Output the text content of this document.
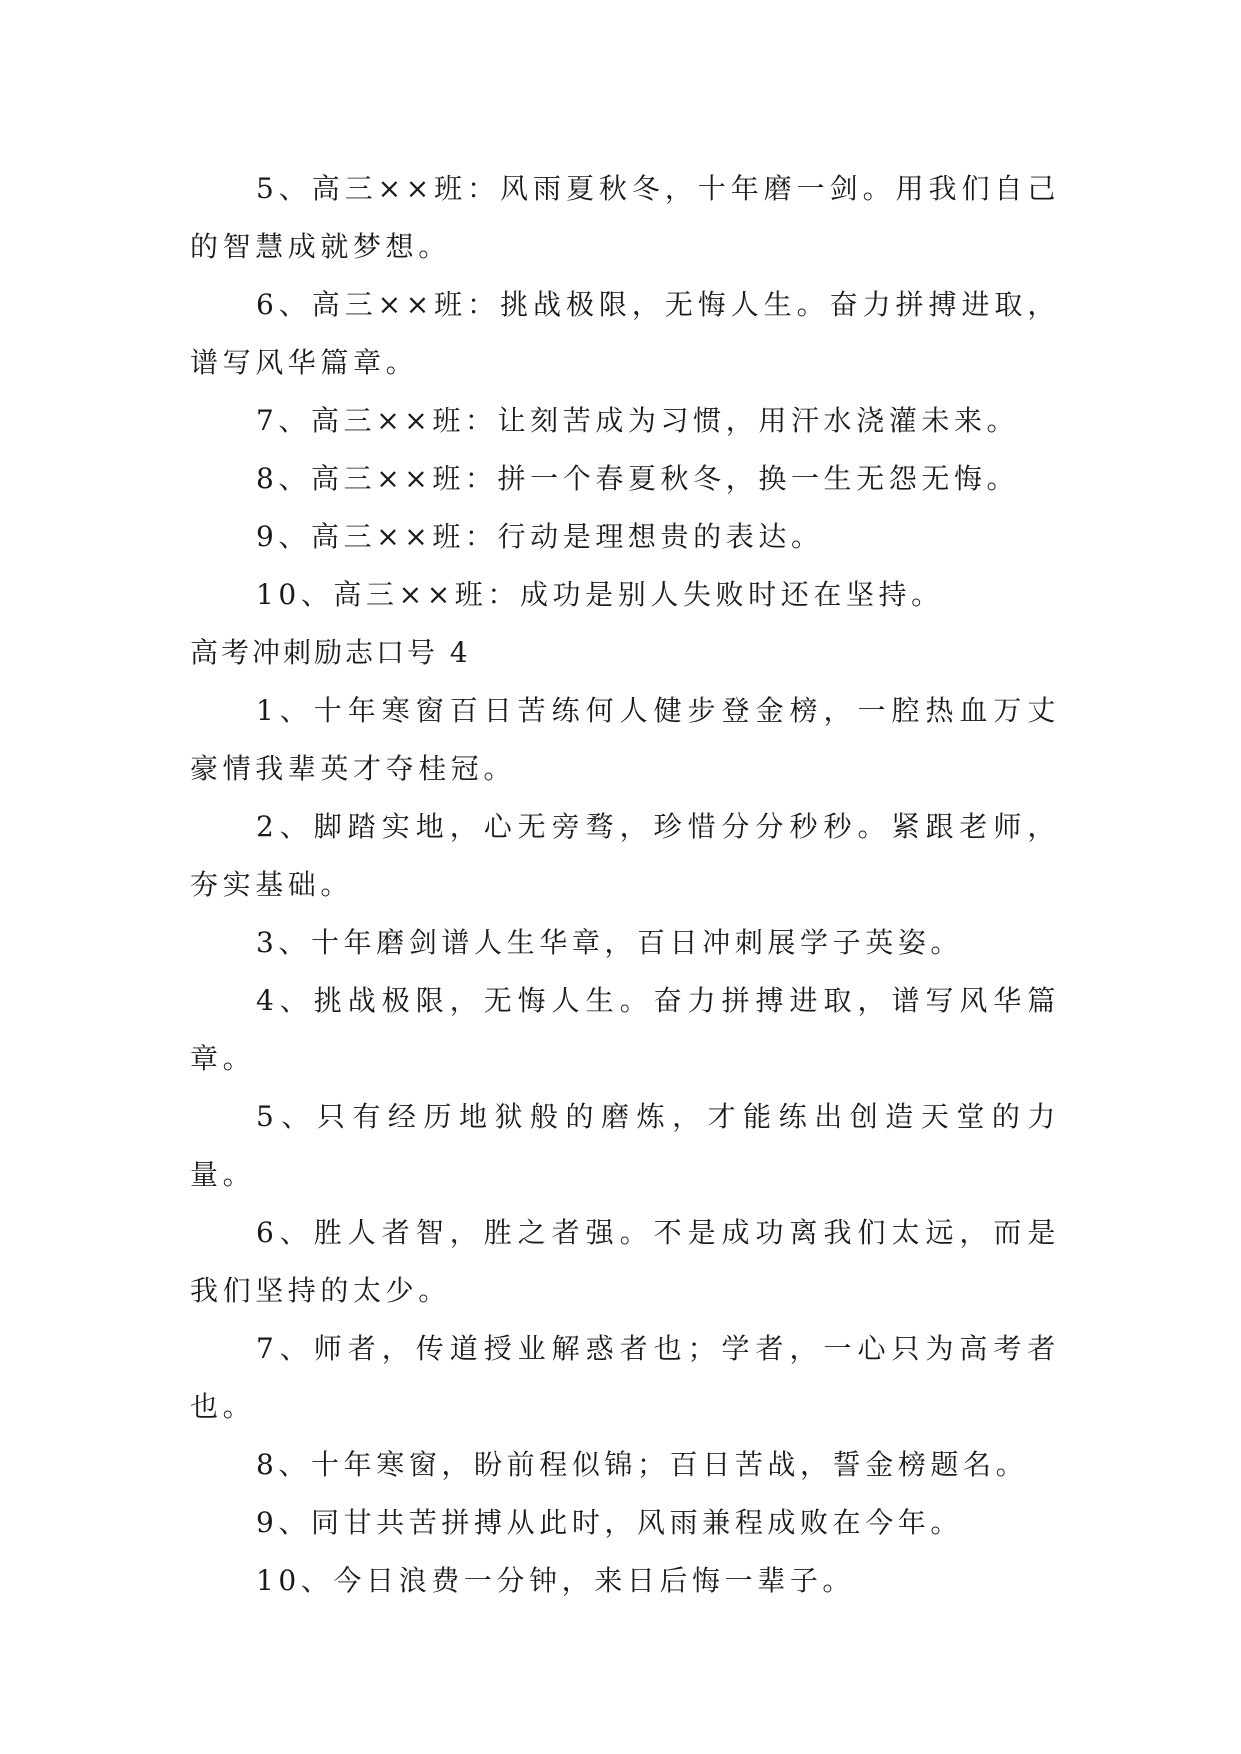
5、高三××班：风雨夏秋冬，十年磨一剑。用我们自己的智慧成就梦想。

6、高三××班：挑战极限，无悔人生。奋力拼搏进取，谱写风华篇章。

7、高三××班：让刻苦成为习惯，用汗水浇灌未来。

8、高三××班：拼一个春夏秋冬，换一生无怨无悔。

9、高三××班：行动是理想贵的表达。

10、高三××班：成功是别人失败时还在坚持。

高考冲刺励志口号 4

1、十年寒窗百日苦练何人健步登金榜，一腔热血万丈豪情我辈英才夺桂冠。

2、脚踏实地，心无旁骛，珍惜分分秒秒。紧跟老师，夯实基础。

3、十年磨剑谱人生华章，百日冲刺展学子英姿。

4、挑战极限，无悔人生。奋力拼搏进取，谱写风华篇章。

5、只有经历地狱般的磨炼，才能练出创造天堂的力量。

6、胜人者智，胜之者强。不是成功离我们太远，而是我们坚持的太少。

7、师者，传道授业解惑者也；学者，一心只为高考者也。

8、十年寒窗，盼前程似锦；百日苦战，誓金榜题名。

9、同甘共苦拼搏从此时，风雨兼程成败在今年。

10、今日浪费一分钟，来日后悔一辈子。
